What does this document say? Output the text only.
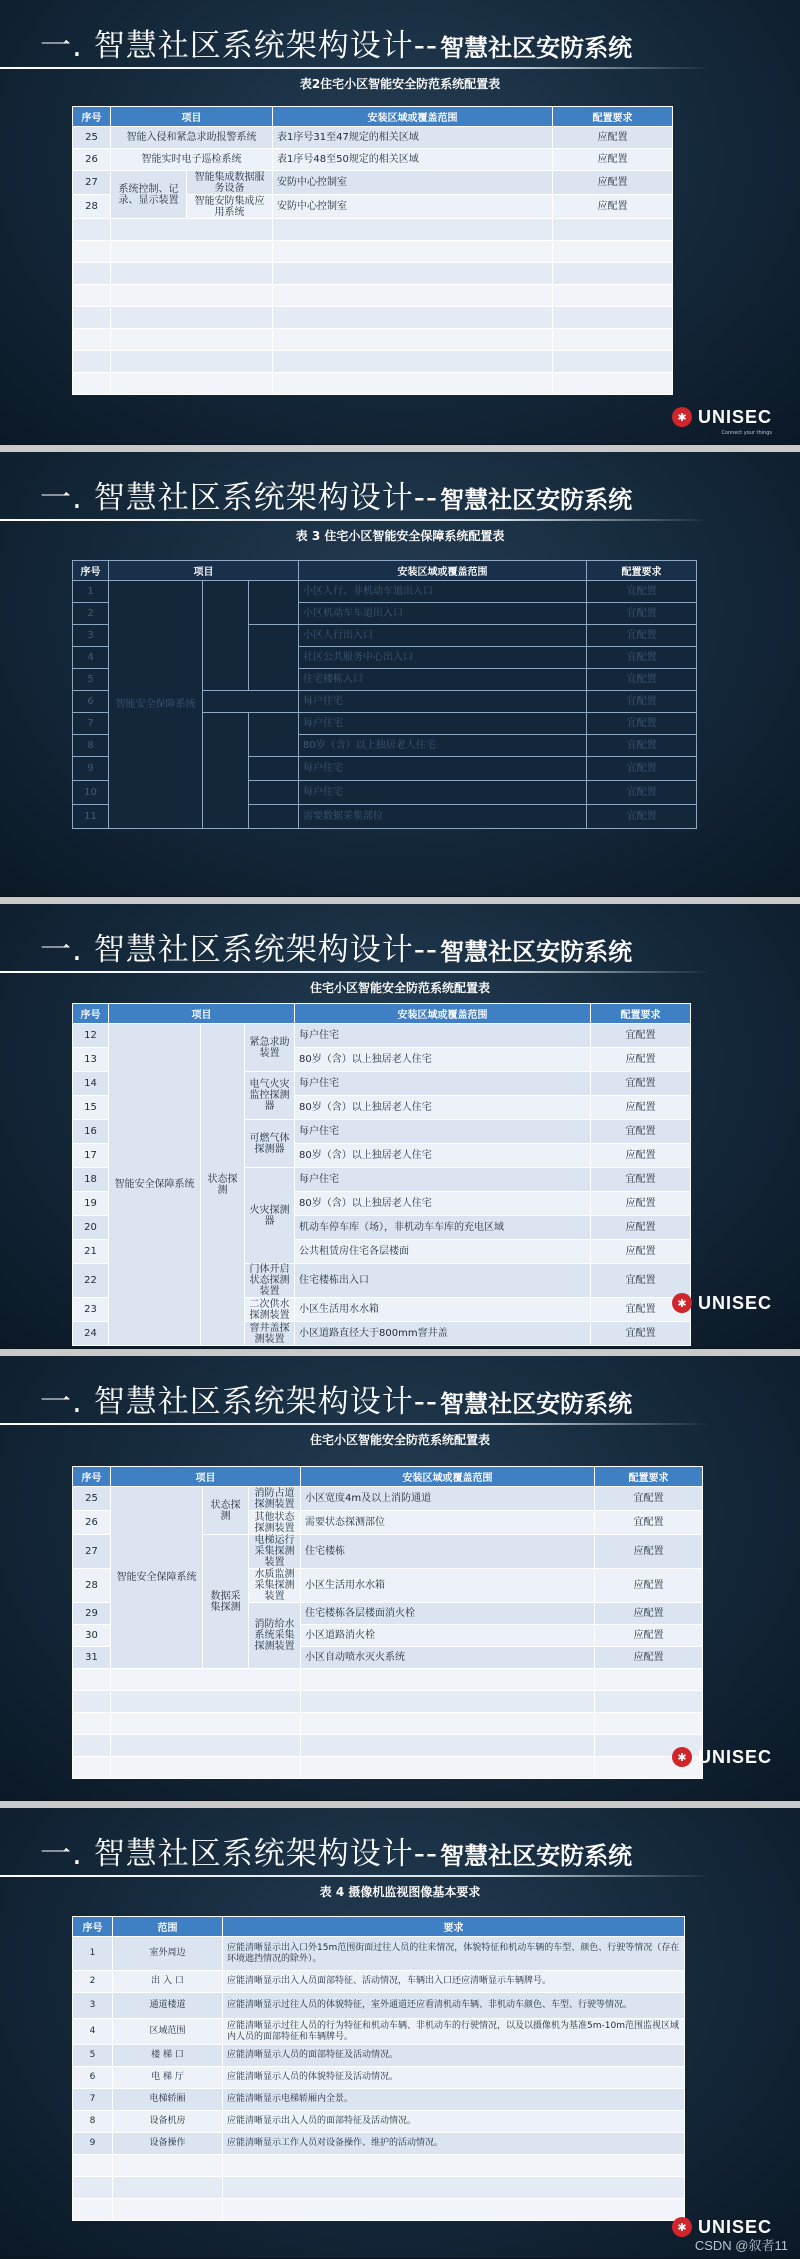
一. 智慧社区系统架构设计--智慧社区安防系统
表2住宅小区智能安全防范系统配置表
序号	项目		安装区域或覆盖范围	配置要求
25	智能入侵和紧急求助报警系统		表1序号31至47规定的相关区域	应配置
26	智能实时电子巡检系统		表1序号48至50规定的相关区域	应配置
27	系统控制、记录、显示装置	智能集成数据服务设备	安防中心控制室	应配置
28		智能安防集成应用系统	安防中心控制室	应配置

✱ UNISEC
Connect your things
一. 智慧社区系统架构设计--智慧社区安防系统
表 3 住宅小区智能安全保障系统配置表
序号	项目			安装区域或覆盖范围	配置要求
1	智能安全保障系统			小区人行、非机动车道出入口	宜配置
2				小区机动车车道出入口	宜配置
3				小区人行出入口	宜配置
4				社区公共服务中心出入口	宜配置
5				住宅楼栋入口	宜配置
6				每户住宅	宜配置
7				每户住宅	宜配置
8				80岁（含）以上独居老人住宅	宜配置
9				每户住宅	宜配置
10				每户住宅	宜配置
11				需要数据采集部位	宜配置
一. 智慧社区系统架构设计--智慧社区安防系统
住宅小区智能安全防范系统配置表
序号	项目			安装区域或覆盖范围	配置要求
12	智能安全保障系统	状态探测	紧急求助装置	每户住宅	宜配置
13				80岁（含）以上独居老人住宅	应配置
14			电气火灾监控探测器	每户住宅	宜配置
15				80岁（含）以上独居老人住宅	应配置
16			可燃气体探测器	每户住宅	宜配置
17				80岁（含）以上独居老人住宅	应配置
18			火灾探测器	每户住宅	宜配置
19				80岁（含）以上独居老人住宅	应配置
20				机动车停车库（场），非机动车车库的充电区域	应配置
21				公共租赁房住宅各层楼面	应配置
22			门体开启状态探测装置	住宅楼栋出入口	宜配置
23			二次供水探测装置	小区生活用水水箱	宜配置
24			窨井盖探测装置	小区道路直径大于800mm窨井盖	宜配置
✱ UNISEC
一. 智慧社区系统架构设计--智慧社区安防系统
住宅小区智能安全防范系统配置表
序号	项目			安装区域或覆盖范围	配置要求
25	智能安全保障系统	状态探测	消防占道探测装置	小区宽度4m及以上消防通道	宜配置
26			其他状态探测装置	需要状态探测部位	宜配置
27		数据采集探测	电梯运行采集探测装置	住宅楼栋	应配置
28			水质监测采集探测装置	小区生活用水水箱	应配置
29			消防给水系统采集探测装置	住宅楼栋各层楼面消火栓	应配置
30				小区道路消火栓	应配置
31				小区自动喷水灭火系统	应配置

✱ UNISEC
一. 智慧社区系统架构设计--智慧社区安防系统
表 4 摄像机监视图像基本要求
序号	范围	要求
1	室外周边	应能清晰显示出入口外15m范围街面过往人员的往来情况，体貌特征和机动车辆的车型、颜色、行驶等情况（存在环境遮挡情况的除外）。
2	出 入 口	应能清晰显示出入人员面部特征、活动情况，车辆出入口还应清晰显示车辆牌号。
3	通道楼道	应能清晰显示过往人员的体貌特征，室外通道还应看清机动车辆、非机动车颜色、车型、行驶等情况。
4	区域范围	应能清晰显示过往人员的行为特征和机动车辆、非机动车的行驶情况，以及以摄像机为基准5m-10m范围监视区域内人员的面部特征和车辆牌号。
5	楼 梯 口	应能清晰显示人员的面部特征及活动情况。
6	电 梯 厅	应能清晰显示人员的体貌特征及活动情况。
7	电梯轿厢	应能清晰显示电梯轿厢内全景。
8	设备机房	应能清晰显示出入人员的面部特征及活动情况。
9	设备操作	应能清晰显示工作人员对设备操作、维护的活动情况。

✱ UNISEC
CSDN @叙者11
